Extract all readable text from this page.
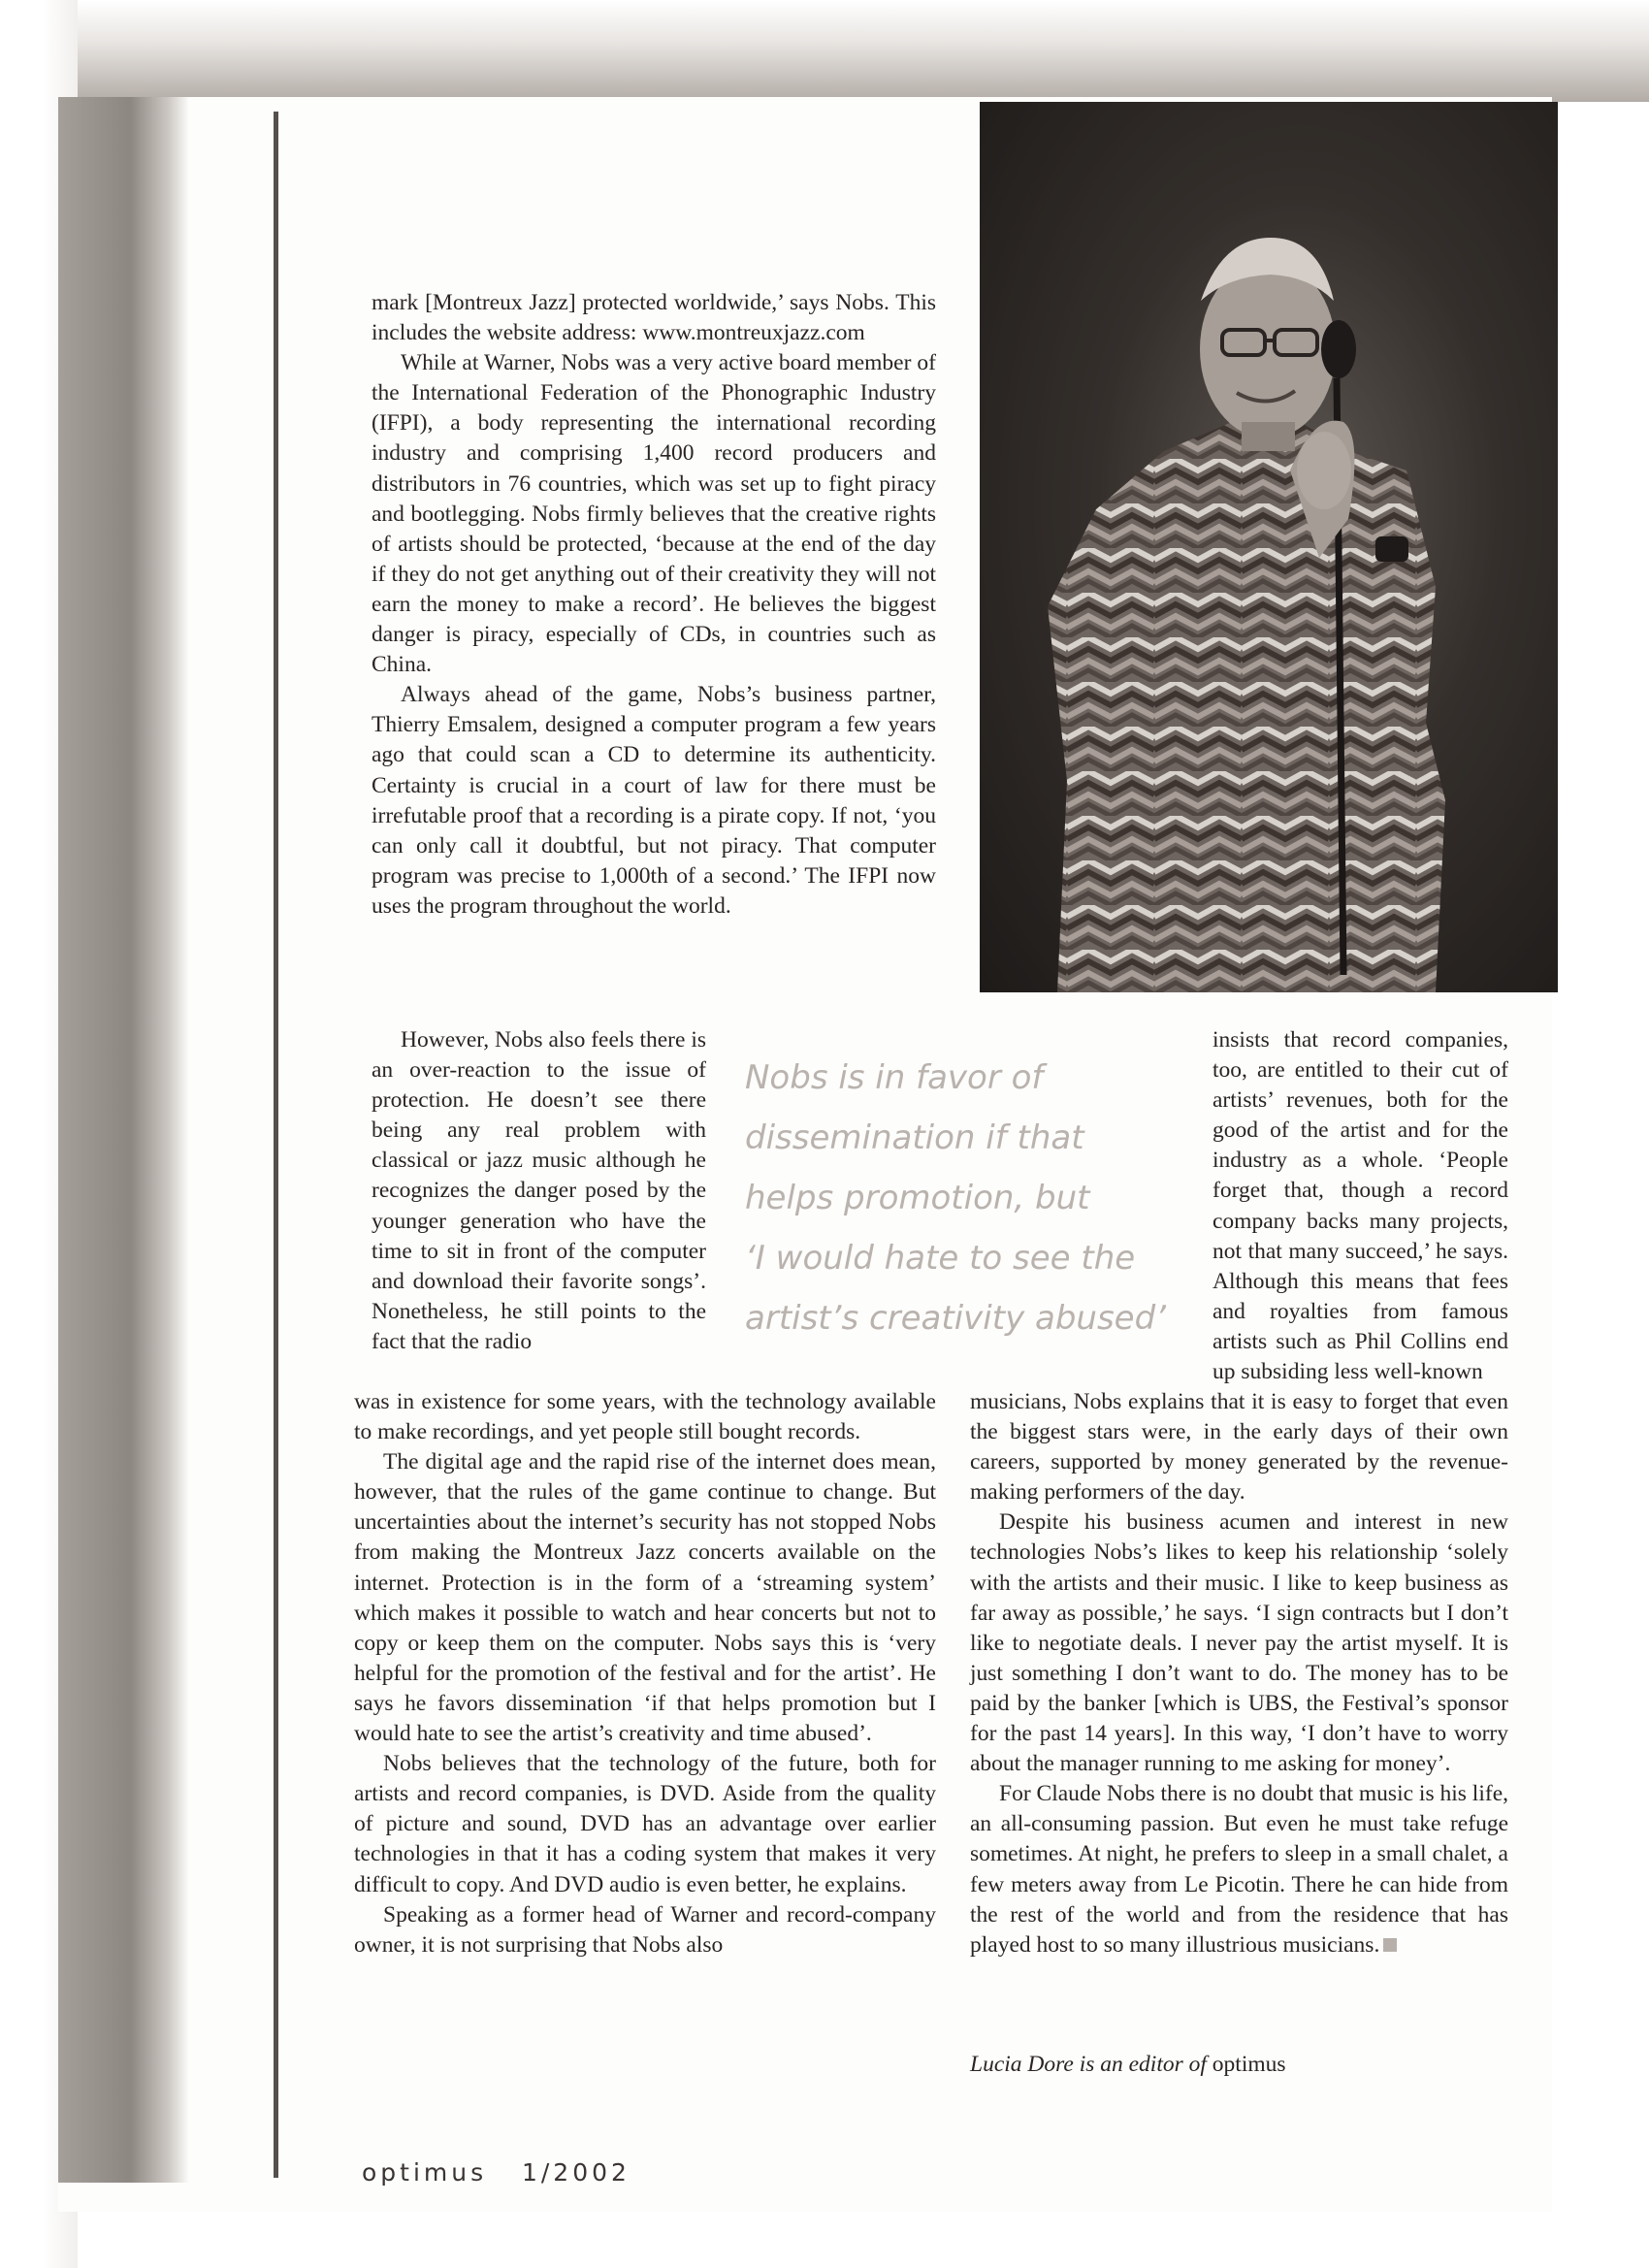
mark [Montreux Jazz] protected worldwide,’ says Nobs. This includes the website address: www.montreuxjazz.com

While at Warner, Nobs was a very active board member of the International Federation of the Phonographic Industry (IFPI), a body representing the international recording industry and comprising 1,400 record producers and distributors in 76 countries, which was set up to fight piracy and bootlegging. Nobs firmly believes that the creative rights of artists should be protected, ‘because at the end of the day if they do not get anything out of their creativity they will not earn the money to make a record’. He believes the biggest danger is piracy, especially of CDs, in countries such as China.

Always ahead of the game, Nobs’s business partner, Thierry Emsalem, designed a computer program a few years ago that could scan a CD to determine its authenticity. Certainty is crucial in a court of law for there must be irrefutable proof that a recording is a pirate copy. If not, ‘you can only call it doubtful, but not piracy. That computer program was precise to 1,000th of a second.’ The IFPI now uses the program throughout the world.

However, Nobs also feels there is an over-reaction to the issue of protection. He doesn’t see there being any real problem with classical or jazz music although he recognizes the danger posed by the younger generation who have the time to sit in front of the computer and download their favorite songs’. Nonetheless, he still points to the fact that the radio

Nobs is in favor of
dissemination if that
helps promotion, but
‘I would hate to see the
artist’s creativity abused’

was in existence for some years, with the technology available to make recordings, and yet people still bought records.

The digital age and the rapid rise of the internet does mean, however, that the rules of the game continue to change. But uncertainties about the internet’s security has not stopped Nobs from making the Montreux Jazz concerts available on the internet. Protection is in the form of a ‘streaming system’ which makes it possible to watch and hear concerts but not to copy or keep them on the computer. Nobs says this is ‘very helpful for the promotion of the festival and for the artist’. He says he favors dissemination ‘if that helps promotion but I would hate to see the artist’s creativity and time abused’.

Nobs believes that the technology of the future, both for artists and record companies, is DVD. Aside from the quality of picture and sound, DVD has an advantage over earlier technologies in that it has a coding system that makes it very difficult to copy. And DVD audio is even better, he explains.

Speaking as a former head of Warner and record-company owner, it is not surprising that Nobs also

insists that record companies, too, are entitled to their cut of artists’ revenues, both for the good of the artist and for the industry as a whole. ‘People forget that, though a record company backs many projects, not that many succeed,’ he says. Although this means that fees and royalties from famous artists such as Phil Collins end up subsiding less well-known

musicians, Nobs explains that it is easy to forget that even the biggest stars were, in the early days of their own careers, supported by money generated by the revenue-making performers of the day.

Despite his business acumen and interest in new technologies Nobs’s likes to keep his relationship ‘solely with the artists and their music. I like to keep business as far away as possible,’ he says. ‘I sign contracts but I don’t like to negotiate deals. I never pay the artist myself. It is just something I don’t want to do. The money has to be paid by the banker [which is UBS, the Festival’s sponsor for the past 14 years]. In this way, ‘I don’t have to worry about the manager running to me asking for money’.

For Claude Nobs there is no doubt that music is his life, an all-consuming passion. But even he must take refuge sometimes. At night, he prefers to sleep in a small chalet, a few meters away from Le Picotin. There he can hide from the rest of the world and from the residence that has played host to so many illustrious musicians.

Lucia Dore is an editor of optimus
optimus   1/2002
